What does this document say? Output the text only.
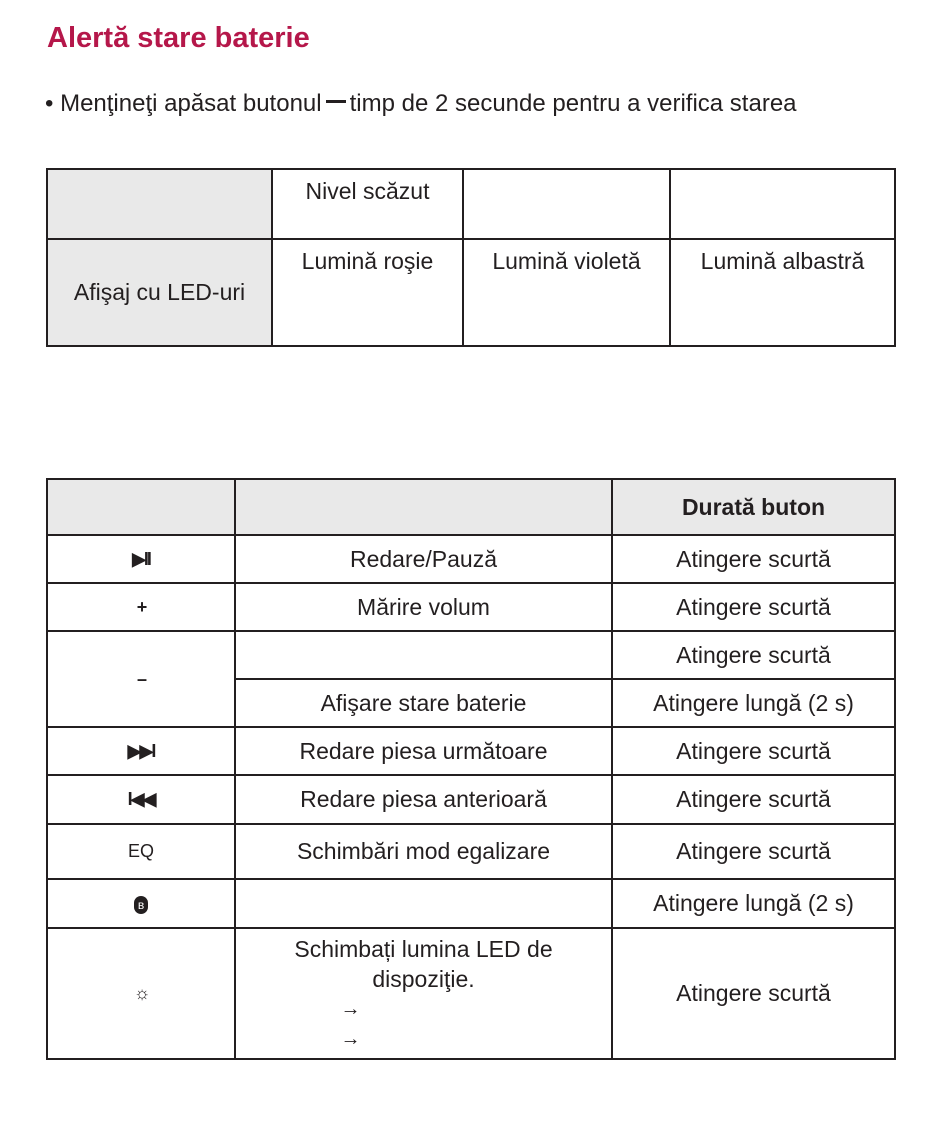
Alertă stare baterie
• Menţineţi apăsat butonul timp de 2 secunde pentru a verifica starea
	Nivel scăzut		
Afişaj cu LED-uri	Lumină roşie	Lumină violetă	Lumină albastră
		Durată buton
▶II	Redare/Pauză	Atingere scurtă
+	Mărire volum	Atingere scurtă
–		Atingere scurtă
	Afişare stare baterie	Atingere lungă (2 s)
▶▶I	Redare piesa următoare	Atingere scurtă
I◀◀	Redare piesa anterioară	Atingere scurtă
EQ	Schimbări mod egalizare	Atingere scurtă
ʙ		Atingere lungă (2 s)
☼	Schimbați lumina LED de
dispoziţie.
→
→	Atingere scurtă
